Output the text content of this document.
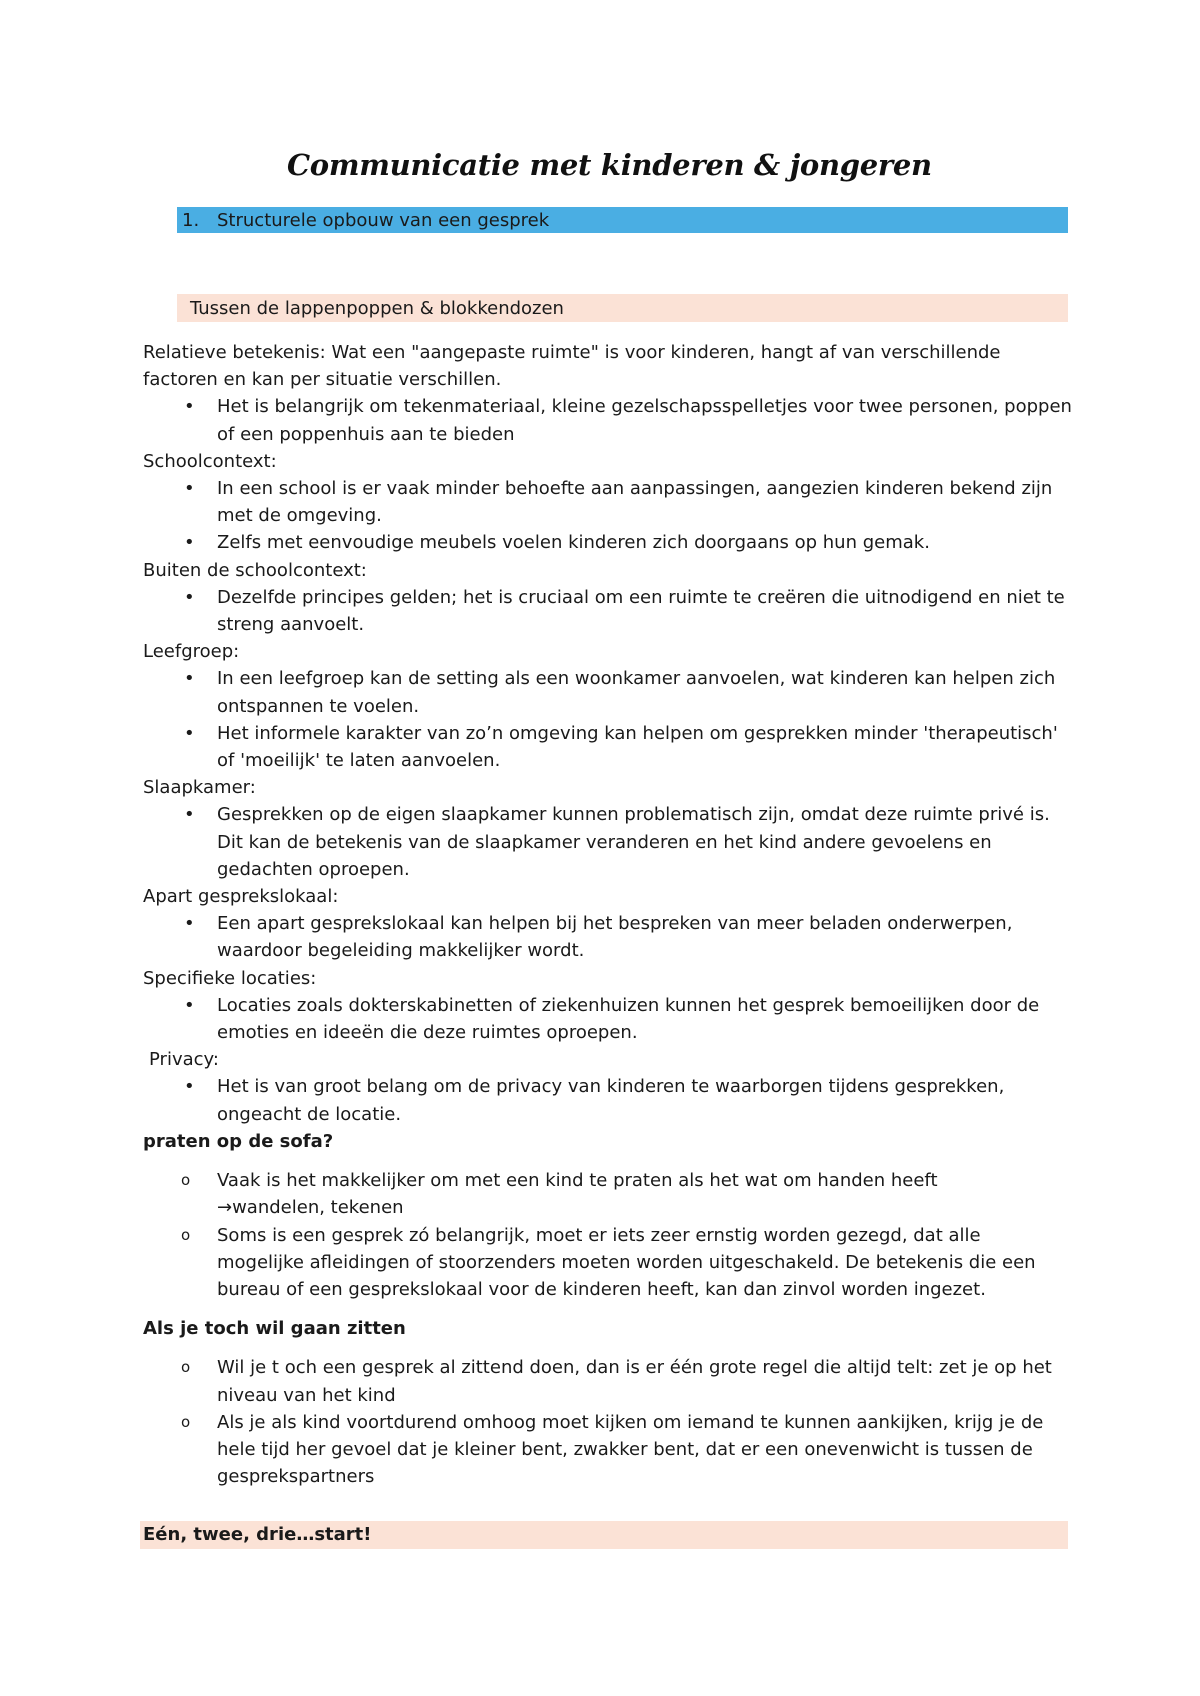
Communicatie met kinderen & jongeren
1. Structurele opbouw van een gesprek
Tussen de lappenpoppen & blokkendozen

Relatieve betekenis: Wat een "aangepaste ruimte" is voor kinderen, hangt af van verschillende factoren en kan per situatie verschillen.

• Het is belangrijk om tekenmateriaal, kleine gezelschapsspelletjes voor twee personen, poppen of een poppenhuis aan te bieden

Schoolcontext:

• In een school is er vaak minder behoefte aan aanpassingen, aangezien kinderen bekend zijn met de omgeving.
• Zelfs met eenvoudige meubels voelen kinderen zich doorgaans op hun gemak.

Buiten de schoolcontext:

• Dezelfde principes gelden; het is cruciaal om een ruimte te creëren die uitnodigend en niet te streng aanvoelt.

Leefgroep:

• In een leefgroep kan de setting als een woonkamer aanvoelen, wat kinderen kan helpen zich ontspannen te voelen.
• Het informele karakter van zo’n omgeving kan helpen om gesprekken minder 'therapeutisch' of 'moeilijk' te laten aanvoelen.

Slaapkamer:

• Gesprekken op de eigen slaapkamer kunnen problematisch zijn, omdat deze ruimte privé is. Dit kan de betekenis van de slaapkamer veranderen en het kind andere gevoelens en gedachten oproepen.

Apart gesprekslokaal:

• Een apart gesprekslokaal kan helpen bij het bespreken van meer beladen onderwerpen, waardoor begeleiding makkelijker wordt.

Specifieke locaties:

• Locaties zoals dokterskabinetten of ziekenhuizen kunnen het gesprek bemoeilijken door de emoties en ideeën die deze ruimtes oproepen.

Privacy:

• Het is van groot belang om de privacy van kinderen te waarborgen tijdens gesprekken, ongeacht de locatie.

praten op de sofa?

o Vaak is het makkelijker om met een kind te praten als het wat om handen heeft
→wandelen, tekenen
o Soms is een gesprek zó belangrijk, moet er iets zeer ernstig worden gezegd, dat alle mogelijke afleidingen of stoorzenders moeten worden uitgeschakeld. De betekenis die een bureau of een gesprekslokaal voor de kinderen heeft, kan dan zinvol worden ingezet.

Als je toch wil gaan zitten

o Wil je t och een gesprek al zittend doen, dan is er één grote regel die altijd telt: zet je op het niveau van het kind
o Als je als kind voortdurend omhoog moet kijken om iemand te kunnen aankijken, krijg je de hele tijd her gevoel dat je kleiner bent, zwakker bent, dat er een onevenwicht is tussen de gesprekspartners
Eén, twee, drie…start!
